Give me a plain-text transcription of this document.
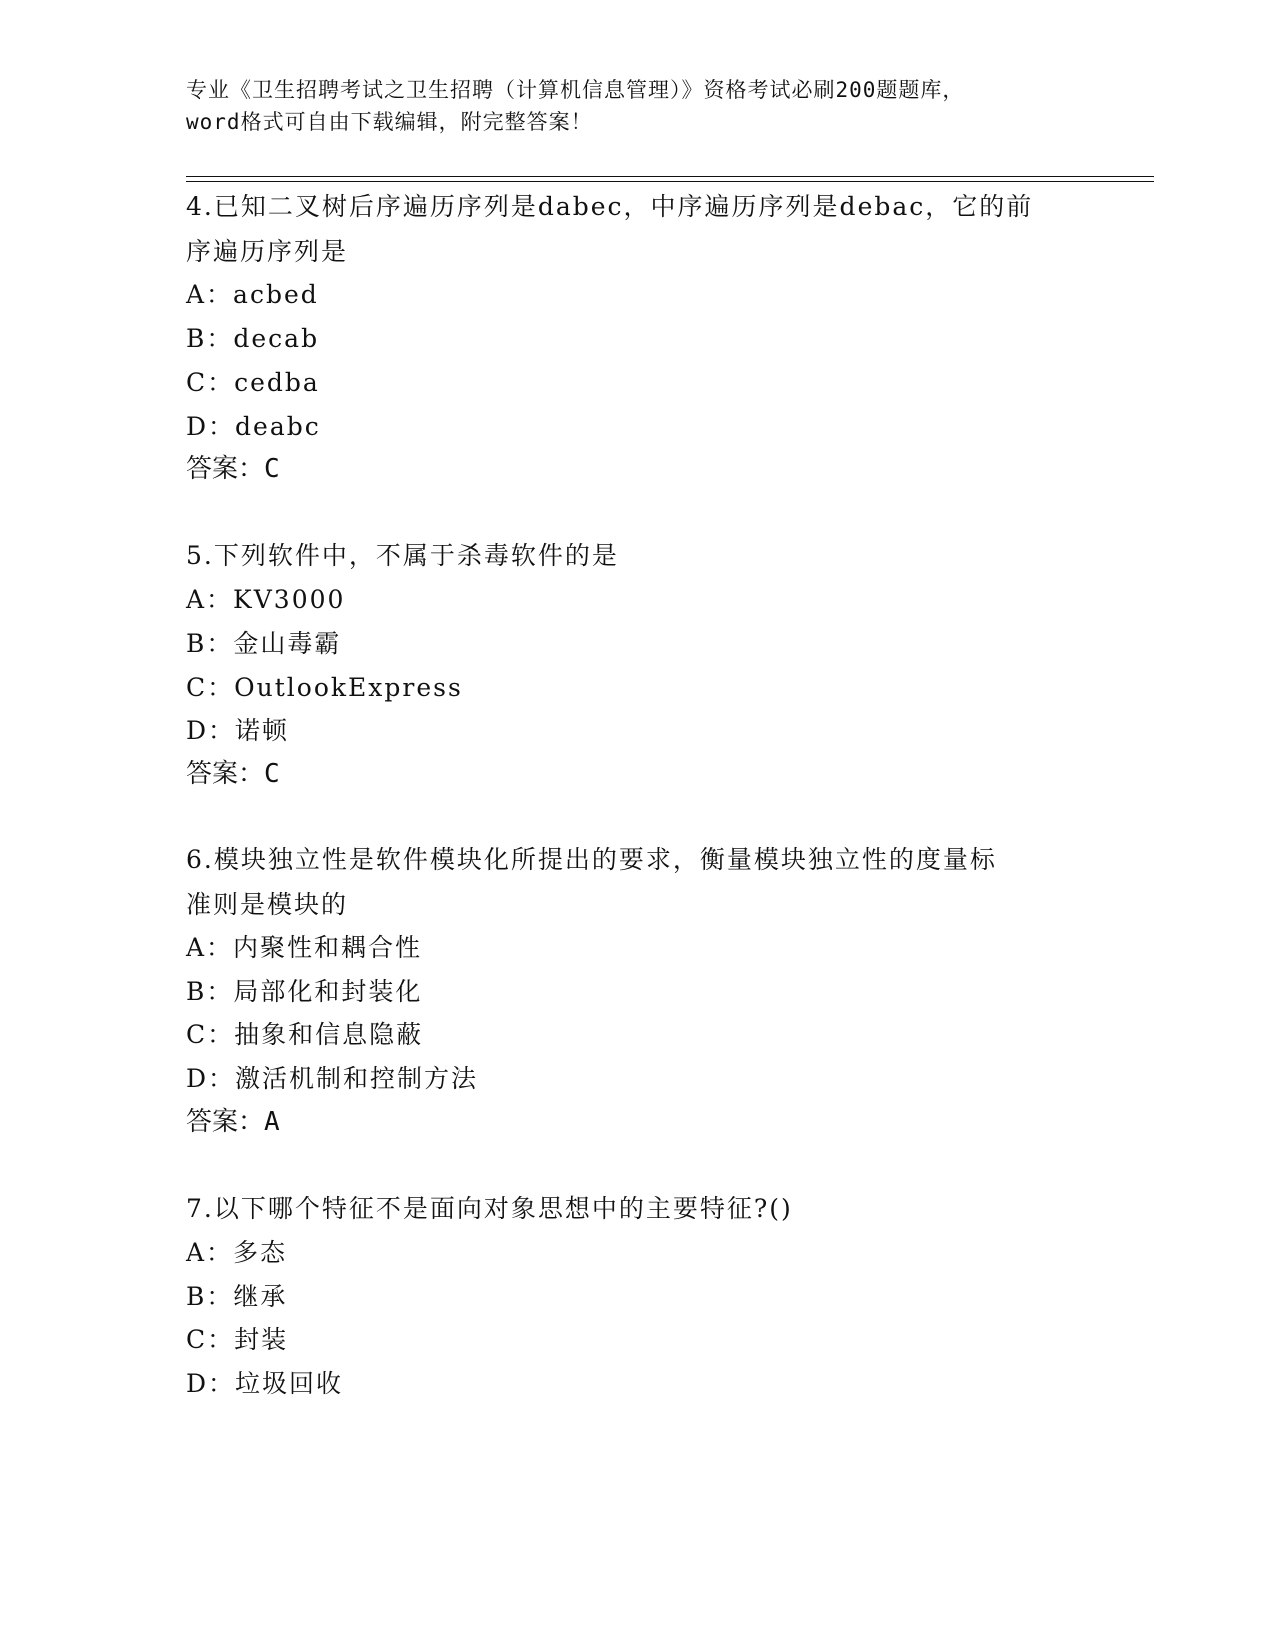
专业《卫生招聘考试之卫生招聘（计算机信息管理）》资格考试必刷200题题库，
word格式可自由下载编辑，附完整答案！
4.已知二叉树后序遍历序列是dabec，中序遍历序列是debac，它的前
序遍历序列是
A：acbed
B：decab
C：cedba
D：deabc
答案：C
5.下列软件中，不属于杀毒软件的是
A：KV3000
B：金山毒霸
C：OutlookExpress
D：诺顿
答案：C
6.模块独立性是软件模块化所提出的要求，衡量模块独立性的度量标
准则是模块的
A：内聚性和耦合性
B：局部化和封装化
C：抽象和信息隐蔽
D：激活机制和控制方法
答案：A
7.以下哪个特征不是面向对象思想中的主要特征?()
A：多态
B：继承
C：封装
D：垃圾回收
